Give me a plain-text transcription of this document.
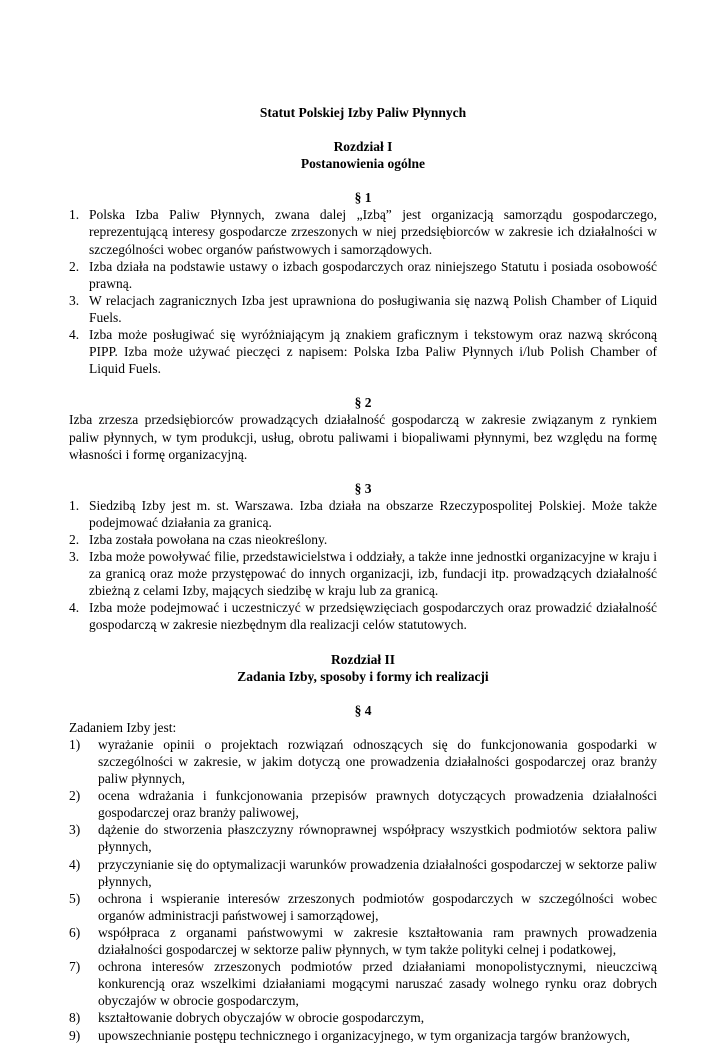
Statut Polskiej Izby Paliw Płynnych

Rozdział I

Postanowienia ogólne

§ 1

1. Polska Izba Paliw Płynnych, zwana dalej „Izbą” jest organizacją samorządu gospodarczego, reprezentującą interesy gospodarcze zrzeszonych w niej przedsiębiorców w zakresie ich działalności w szczególności wobec organów państwowych i samorządowych.
2. Izba działa na podstawie ustawy o izbach gospodarczych oraz niniejszego Statutu i posiada osobowość prawną.
3. W relacjach zagranicznych Izba jest uprawniona do posługiwania się nazwą Polish Chamber of Liquid Fuels.
4. Izba może posługiwać się wyróżniającym ją znakiem graficznym i tekstowym oraz nazwą skróconą PIPP. Izba może używać pieczęci z napisem: Polska Izba Paliw Płynnych i/lub Polish Chamber of Liquid Fuels.

§ 2

Izba zrzesza przedsiębiorców prowadzących działalność gospodarczą w zakresie związanym z rynkiem paliw płynnych, w tym produkcji, usług, obrotu paliwami i biopaliwami płynnymi, bez względu na formę własności i formę organizacyjną.

§ 3

1. Siedzibą Izby jest m. st. Warszawa. Izba działa na obszarze Rzeczypospolitej Polskiej. Może także podejmować działania za granicą.
2. Izba została powołana na czas nieokreślony.
3. Izba może powoływać filie, przedstawicielstwa i oddziały, a także inne jednostki organizacyjne w kraju i za granicą oraz może przystępować do innych organizacji, izb, fundacji itp. prowadzących działalność zbieżną z celami Izby, mających siedzibę w kraju lub za granicą.
4. Izba może podejmować i uczestniczyć w przedsięwzięciach gospodarczych oraz prowadzić działalność gospodarczą w zakresie niezbędnym dla realizacji celów statutowych.

Rozdział II

Zadania Izby, sposoby i formy ich realizacji

§ 4

Zadaniem Izby jest:

1) wyrażanie opinii o projektach rozwiązań odnoszących się do funkcjonowania gospodarki w szczególności w zakresie, w jakim dotyczą one prowadzenia działalności gospodarczej oraz branży paliw płynnych,
2) ocena wdrażania i funkcjonowania przepisów prawnych dotyczących prowadzenia działalności gospodarczej oraz branży paliwowej,
3) dążenie do stworzenia płaszczyzny równoprawnej współpracy wszystkich podmiotów sektora paliw płynnych,
4) przyczynianie się do optymalizacji warunków prowadzenia działalności gospodarczej w sektorze paliw płynnych,
5) ochrona i wspieranie interesów zrzeszonych podmiotów gospodarczych w szczególności wobec organów administracji państwowej i samorządowej,
6) współpraca z organami państwowymi w zakresie kształtowania ram prawnych prowadzenia działalności gospodarczej w sektorze paliw płynnych, w tym także polityki celnej i podatkowej,
7) ochrona interesów zrzeszonych podmiotów przed działaniami monopolistycznymi, nieuczciwą konkurencją oraz wszelkimi działaniami mogącymi naruszać zasady wolnego rynku oraz dobrych obyczajów w obrocie gospodarczym,
8) kształtowanie dobrych obyczajów w obrocie gospodarczym,
9) upowszechnianie postępu technicznego i organizacyjnego, w tym organizacja targów branżowych,
